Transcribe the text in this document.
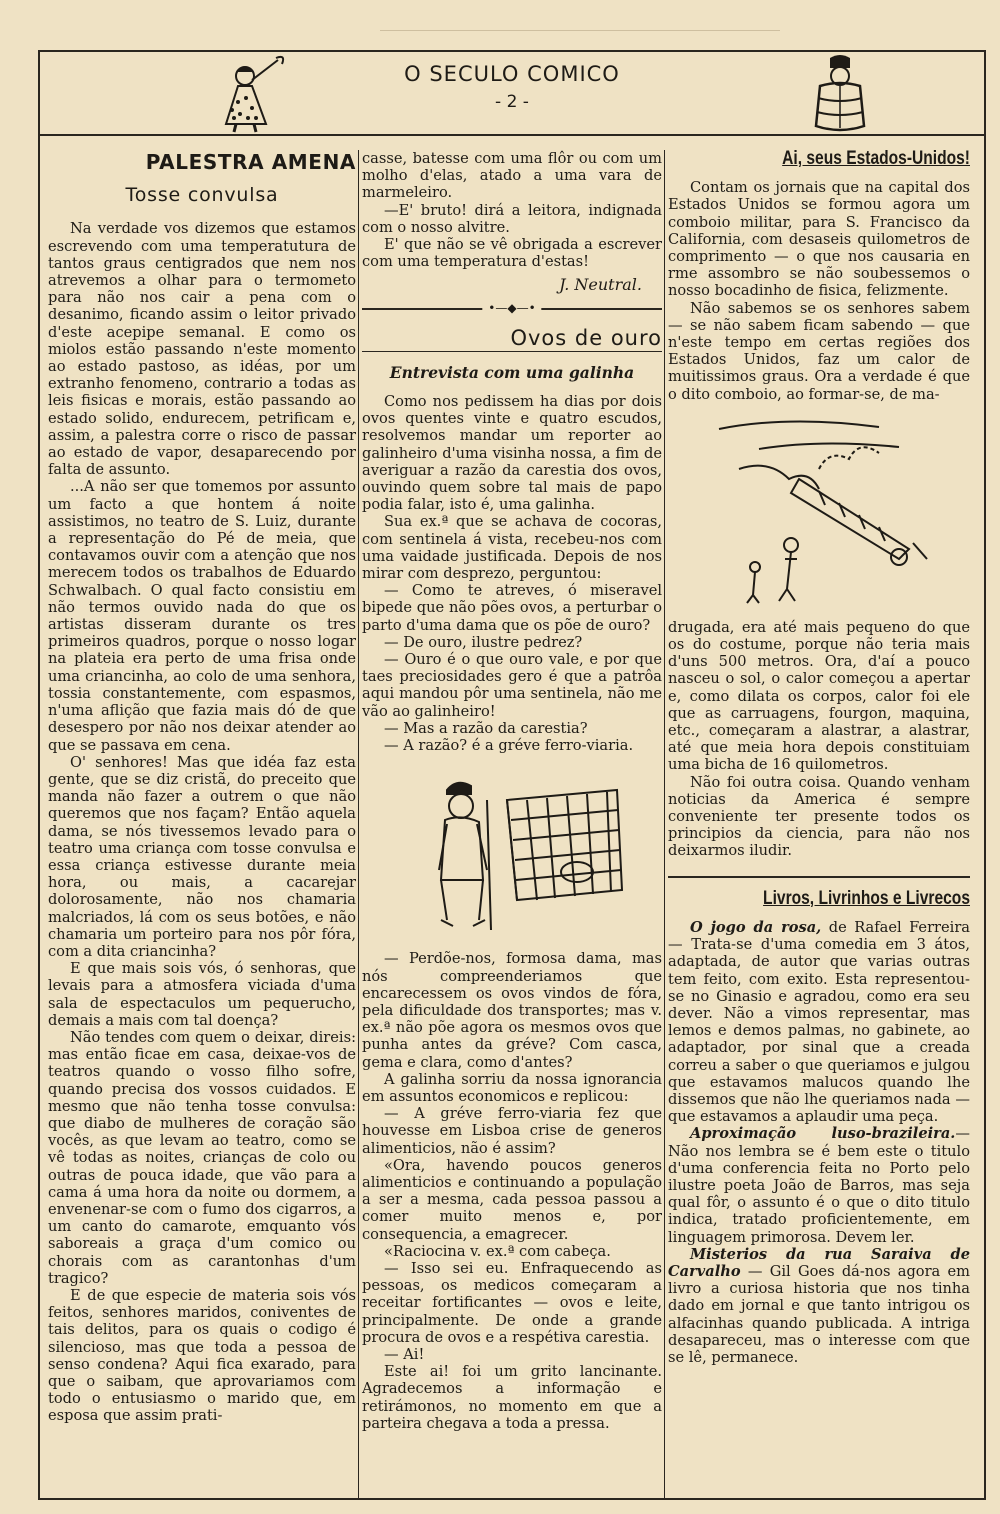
O SECULO COMICO
- 2 -
PALESTRA AMENA
Tosse convulsa

Na verdade vos dizemos que estamos escrevendo com uma temperatutura de tantos graus centigrados que nem nos atrevemos a olhar para o termometo para não nos cair a pena com o desanimo, ficando assim o leitor privado d'este acepipe semanal. E como os miolos estão passando n'este momento ao estado pastoso, as idéas, por um extranho fenomeno, contrario a todas as leis fisicas e morais, estão passando ao estado solido, endurecem, petrificam e, assim, a palestra corre o risco de passar ao estado de vapor, desaparecendo por falta de assunto.

...A não ser que tomemos por assunto um facto a que hontem á noite assistimos, no teatro de S. Luiz, durante a representação do Pé de meia, que contavamos ouvir com a atenção que nos merecem todos os trabalhos de Eduardo Schwalbach. O qual facto consistiu em não termos ouvido nada do que os artistas disseram durante os tres primeiros quadros, porque o nosso logar na plateia era perto de uma frisa onde uma criancinha, ao colo de uma senhora, tossia constantemente, com espasmos, n'uma aflição que fazia mais dó de que desespero por não nos deixar atender ao que se passava em cena.

O' senhores! Mas que idéa faz esta gente, que se diz cristã, do preceito que manda não fazer a outrem o que não queremos que nos façam? Então aquela dama, se nós tivessemos levado para o teatro uma criança com tosse convulsa e essa criança estivesse durante meia hora, ou mais, a cacarejar dolorosamente, não nos chamaria malcriados, lá com os seus botões, e não chamaria um porteiro para nos pôr fóra, com a dita criancinha?

E que mais sois vós, ó senhoras, que levais para a atmosfera viciada d'uma sala de espectaculos um pequerucho, demais a mais com tal doença?

Não tendes com quem o deixar, direis: mas então ficae em casa, deixae-vos de teatros quando o vosso filho sofre, quando precisa dos vossos cuidados. E mesmo que não tenha tosse convulsa: que diabo de mulheres de coração são vocês, as que levam ao teatro, como se vê todas as noites, crianças de colo ou outras de pouca idade, que vão para a cama á uma hora da noite ou dormem, a envenenar-se com o fumo dos cigarros, a um canto do camarote, emquanto vós saboreais a graça d'um comico ou chorais com as carantonhas d'um tragico?

E de que especie de materia sois vós feitos, senhores maridos, coniventes de tais delitos, para os quais o codigo é silencioso, mas que toda a pessoa de senso condena? Aqui fica exarado, para que o saibam, que aprovariamos com todo o entusiasmo o marido que, em esposa que assim prati-

casse, batesse com uma flôr ou com um molho d'elas, atado a uma vara de marmeleiro.

—E' bruto! dirá a leitora, indignada com o nosso alvitre.

E' que não se vê obrigada a escrever com uma temperatura d'estas!

J. Neutral.
•—◆—•
Ovos de ouro
Entrevista com uma galinha

Como nos pedissem ha dias por dois ovos quentes vinte e quatro escudos, resolvemos mandar um reporter ao galinheiro d'uma visinha nossa, a fim de averiguar a razão da carestia dos ovos, ouvindo quem sobre tal mais de papo podia falar, isto é, uma galinha.

Sua ex.ª que se achava de cocoras, com sentinela á vista, recebeu-nos com uma vaidade justificada. Depois de nos mirar com desprezo, perguntou:

— Como te atreves, ó miseravel bipede que não pões ovos, a perturbar o parto d'uma dama que os põe de ouro?

— De ouro, ilustre pedrez?

— Ouro é o que ouro vale, e por que taes preciosidades gero é que a patrôa aqui mandou pôr uma sentinela, não me vão ao galinheiro!

— Mas a razão da carestia?

— A razão? é a gréve ferro-viaria.

— Perdõe-nos, formosa dama, mas nós compreenderiamos que encarecessem os ovos vindos de fóra, pela dificuldade dos transportes; mas v. ex.ª não põe agora os mesmos ovos que punha antes da gréve? Com casca, gema e clara, como d'antes?

A galinha sorriu da nossa ignorancia em assuntos economicos e replicou:

— A gréve ferro-viaria fez que houvesse em Lisboa crise de generos alimenticios, não é assim?

«Ora, havendo poucos generos alimenticios e continuando a população a ser a mesma, cada pessoa passou a comer muito menos e, por consequencia, a emagrecer.

«Raciocina v. ex.ª com cabeça.

— Isso sei eu. Enfraquecendo as pessoas, os medicos começaram a receitar fortificantes — ovos e leite, principalmente. De onde a grande procura de ovos e a respétiva carestia.

— Ai!

Este ai! foi um grito lancinante. Agradecemos a informação e retirámonos, no momento em que a parteira chegava a toda a pressa.

Ai, seus Estados-Unidos!

Contam os jornais que na capital dos Estados Unidos se formou agora um comboio militar, para S. Francisco da California, com desaseis quilometros de comprimento — o que nos causaria en rme assombro se não soubessemos o nosso bocadinho de fisica, felizmente.

Não sabemos se os senhores sabem — se não sabem ficam sabendo — que n'este tempo em certas regiões dos Estados Unidos, faz um calor de muitissimos graus. Ora a verdade é que o dito comboio, ao formar-se, de ma-

drugada, era até mais pequeno do que os do costume, porque não teria mais d'uns 500 metros. Ora, d'aí a pouco nasceu o sol, o calor começou a apertar e, como dilata os corpos, calor foi ele que as carruagens, fourgon, maquina, etc., começaram a alastrar, a alastrar, até que meia hora depois constituiam uma bicha de 16 quilometros.

Não foi outra coisa. Quando venham noticias da America é sempre conveniente ter presente todos os principios da ciencia, para não nos deixarmos iludir.

Livros, Livrinhos e Livrecos

O jogo da rosa, de Rafael Ferreira — Trata-se d'uma comedia em 3 átos, adaptada, de autor que varias outras tem feito, com exito. Esta representou-se no Ginasio e agradou, como era seu dever. Não a vimos representar, mas lemos e demos palmas, no gabinete, ao adaptador, por sinal que a creada correu a saber o que queriamos e julgou que estavamos malucos quando lhe dissemos que não lhe queriamos nada — que estavamos a aplaudir uma peça.

Aproximação luso-brazileira.— Não nos lembra se é bem este o titulo d'uma conferencia feita no Porto pelo ilustre poeta João de Barros, mas seja qual fôr, o assunto é o que o dito titulo indica, tratado proficientemente, em linguagem primorosa. Devem ler.

Misterios da rua Saraiva de Carvalho — Gil Goes dá-nos agora em livro a curiosa historia que nos tinha dado em jornal e que tanto intrigou os alfacinhas quando publicada. A intriga desapareceu, mas o interesse com que se lê, permanece.
